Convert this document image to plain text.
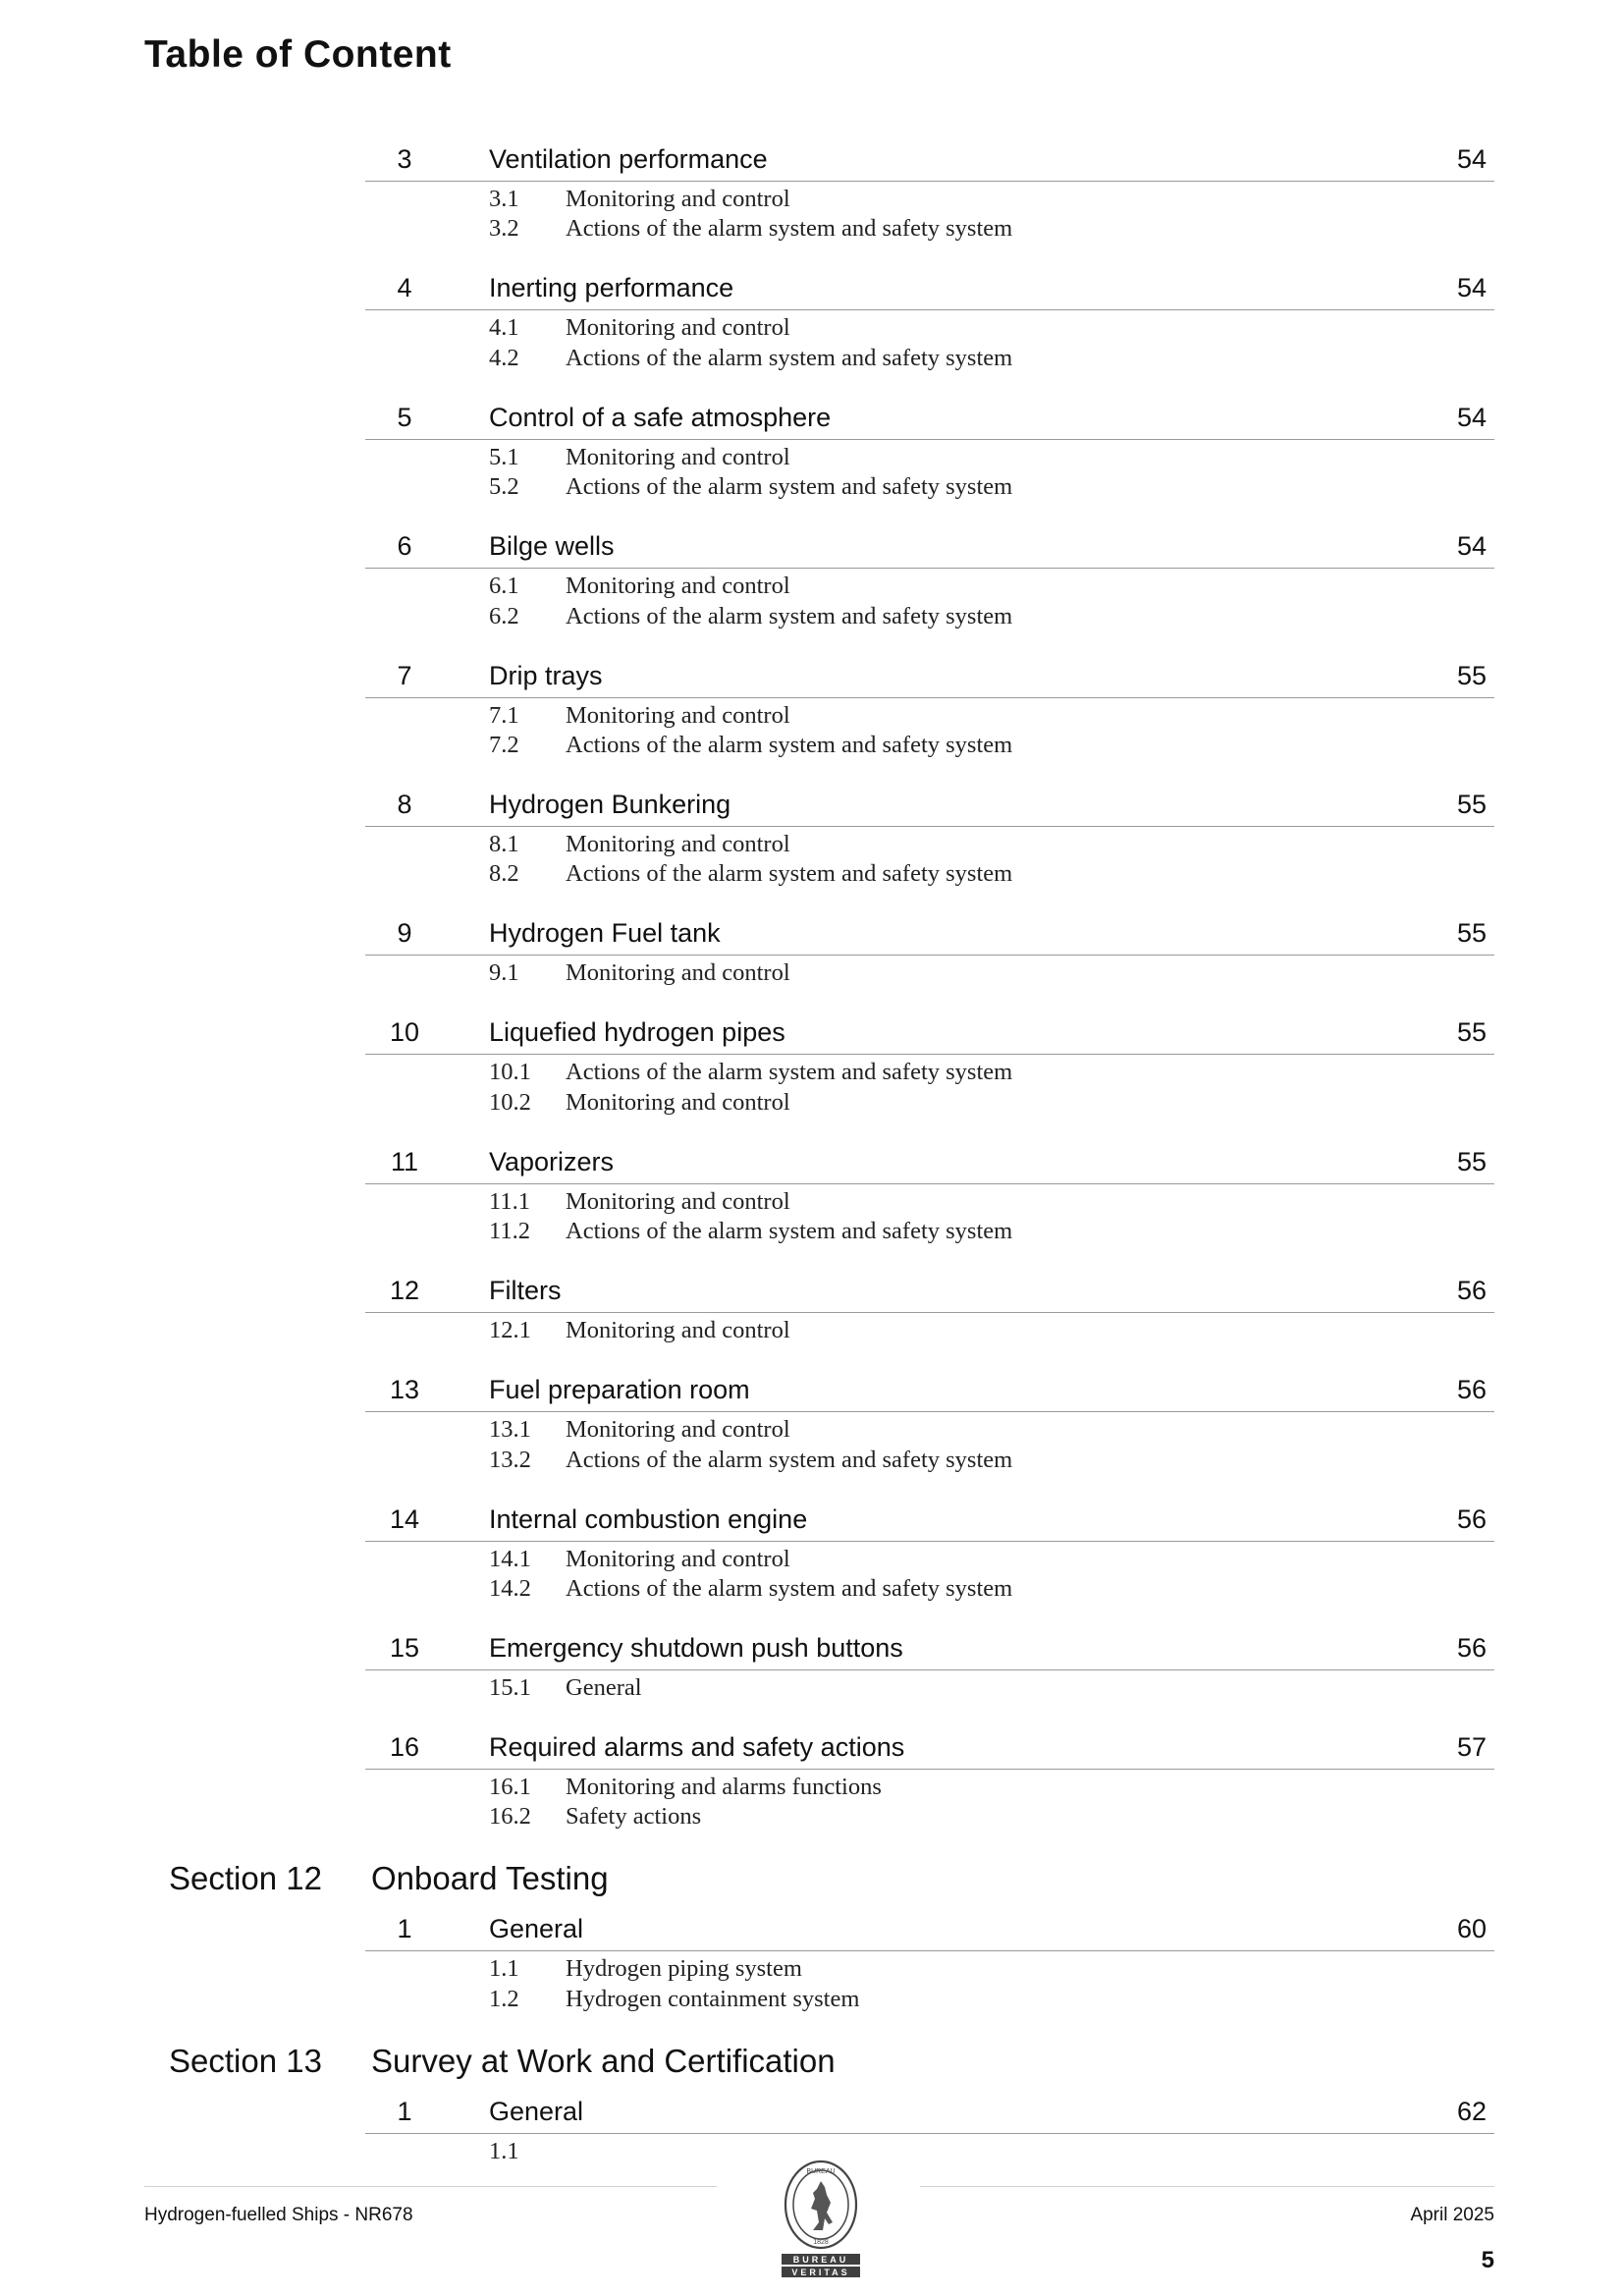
Table of Content
3	Ventilation performance	54
3.1 Monitoring and control
3.2 Actions of the alarm system and safety system
4	Inerting performance	54
4.1 Monitoring and control
4.2 Actions of the alarm system and safety system
5	Control of a safe atmosphere	54
5.1 Monitoring and control
5.2 Actions of the alarm system and safety system
6	Bilge wells	54
6.1 Monitoring and control
6.2 Actions of the alarm system and safety system
7	Drip trays	55
7.1 Monitoring and control
7.2 Actions of the alarm system and safety system
8	Hydrogen Bunkering	55
8.1 Monitoring and control
8.2 Actions of the alarm system and safety system
9	Hydrogen Fuel tank	55
9.1 Monitoring and control
10	Liquefied hydrogen pipes	55
10.1 Actions of the alarm system and safety system
10.2 Monitoring and control
11	Vaporizers	55
11.1 Monitoring and control
11.2 Actions of the alarm system and safety system
12	Filters	56
12.1 Monitoring and control
13	Fuel preparation room	56
13.1 Monitoring and control
13.2 Actions of the alarm system and safety system
14	Internal combustion engine	56
14.1 Monitoring and control
14.2 Actions of the alarm system and safety system
15	Emergency shutdown push buttons	56
15.1 General
16	Required alarms and safety actions	57
16.1 Monitoring and alarms functions
16.2 Safety actions
Section 12 Onboard Testing
1	General	60
1.1 Hydrogen piping system
1.2 Hydrogen containment system
Section 13 Survey at Work and Certification
1	General	62
1.1
Hydrogen-fuelled Ships - NR678	April 2025
5
BUREAU
1828
BUREAU
VERITAS
